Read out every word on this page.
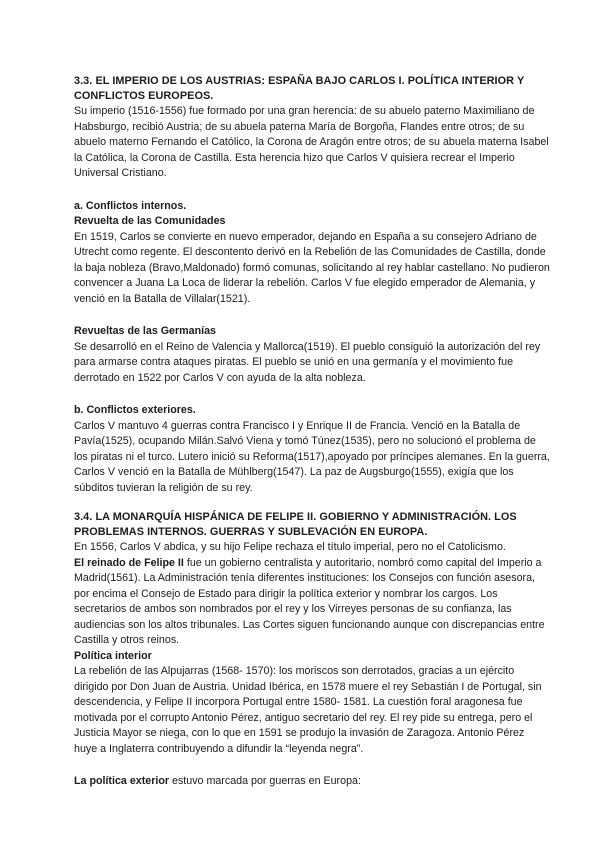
3.3. EL IMPERIO DE LOS AUSTRIAS: ESPAÑA BAJO CARLOS I. POLÍTICA INTERIOR Y CONFLICTOS EUROPEOS.

Su imperio (1516-1556) fue formado por una gran herencia: de su abuelo paterno Maximiliano de Habsburgo, recibió Austria; de su abuela paterna María de Borgoña, Flandes entre otros; de su abuelo materno Fernando el Católico, la Corona de Aragón entre otros; de su abuela materna Isabel la Católica, la Corona de Castilla. Esta herencia hizo que Carlos V quisiera recrear el Imperio Universal Cristiano.

a. Conflictos internos.

Revuelta de las Comunidades

En 1519, Carlos se convierte en nuevo emperador, dejando en España a su consejero Adriano de Utrecht como regente. El descontento derivó en la Rebelión de las Comunidades de Castilla, donde la baja nobleza (Bravo,Maldonado) formó comunas, solicitando al rey hablar castellano. No pudieron convencer a Juana La Loca de liderar la rebelión. Carlos V fue elegido emperador de Alemania, y venció en la Batalla de Villalar(1521).

Revueltas de las Germanías

Se desarrolló en el Reino de Valencia y Mallorca(1519). El pueblo consiguió la autorización del rey para armarse contra ataques piratas. El pueblo se unió en una germanía y el movimiento fue derrotado en 1522 por Carlos V con ayuda de la alta nobleza.

b. Conflictos exteriores.

Carlos V mantuvo 4 guerras contra Francisco I y Enrique II de Francia. Venció en la Batalla de Pavía(1525), ocupando Milán.Salvó Viena y tomó Túnez(1535), pero no solucionó el problema de los piratas ni el turco. Lutero inició su Reforma(1517),apoyado por príncipes alemanes. En la guerra, Carlos V venció en la Batalla de Mühlberg(1547). La paz de Augsburgo(1555), exigía que los súbditos tuvieran la religión de su rey.

3.4. LA MONARQUÍA HISPÁNICA DE FELIPE II. GOBIERNO Y ADMINISTRACIÓN. LOS PROBLEMAS INTERNOS. GUERRAS Y SUBLEVACIÓN EN EUROPA.

En 1556, Carlos V abdica, y su hijo Felipe rechaza el título imperial, pero no el Catolicismo.

El reinado de Felipe II fue un gobierno centralista y autoritario, nombró como capital del Imperio a Madrid(1561). La Administración tenía diferentes instituciones: los Consejos con función asesora, por encima el Consejo de Estado para dirigir la política exterior y nombrar los cargos. Los secretarios de ambos son nombrados por el rey y los Virreyes personas de su confianza, las audiencias son los altos tribunales. Las Cortes siguen funcionando aunque con discrepancias entre Castilla y otros reinos.

Política interior

La rebelión de las Alpujarras (1568- 1570): los moriscos son derrotados, gracias a un ejército dirigido por Don Juan de Austria. Unidad Ibérica, en 1578 muere el rey Sebastián I de Portugal, sin descendencia, y Felipe II incorpora Portugal entre 1580- 1581. La cuestión foral aragonesa fue motivada por el corrupto Antonio Pérez, antiguo secretario del rey. El rey pide su entrega, pero el Justicia Mayor se niega, con lo que en 1591 se produjo la invasión de Zaragoza. Antonio Pérez huye a Inglaterra contribuyendo a difundir la “leyenda negra”.

La política exterior estuvo marcada por guerras en Europa:
